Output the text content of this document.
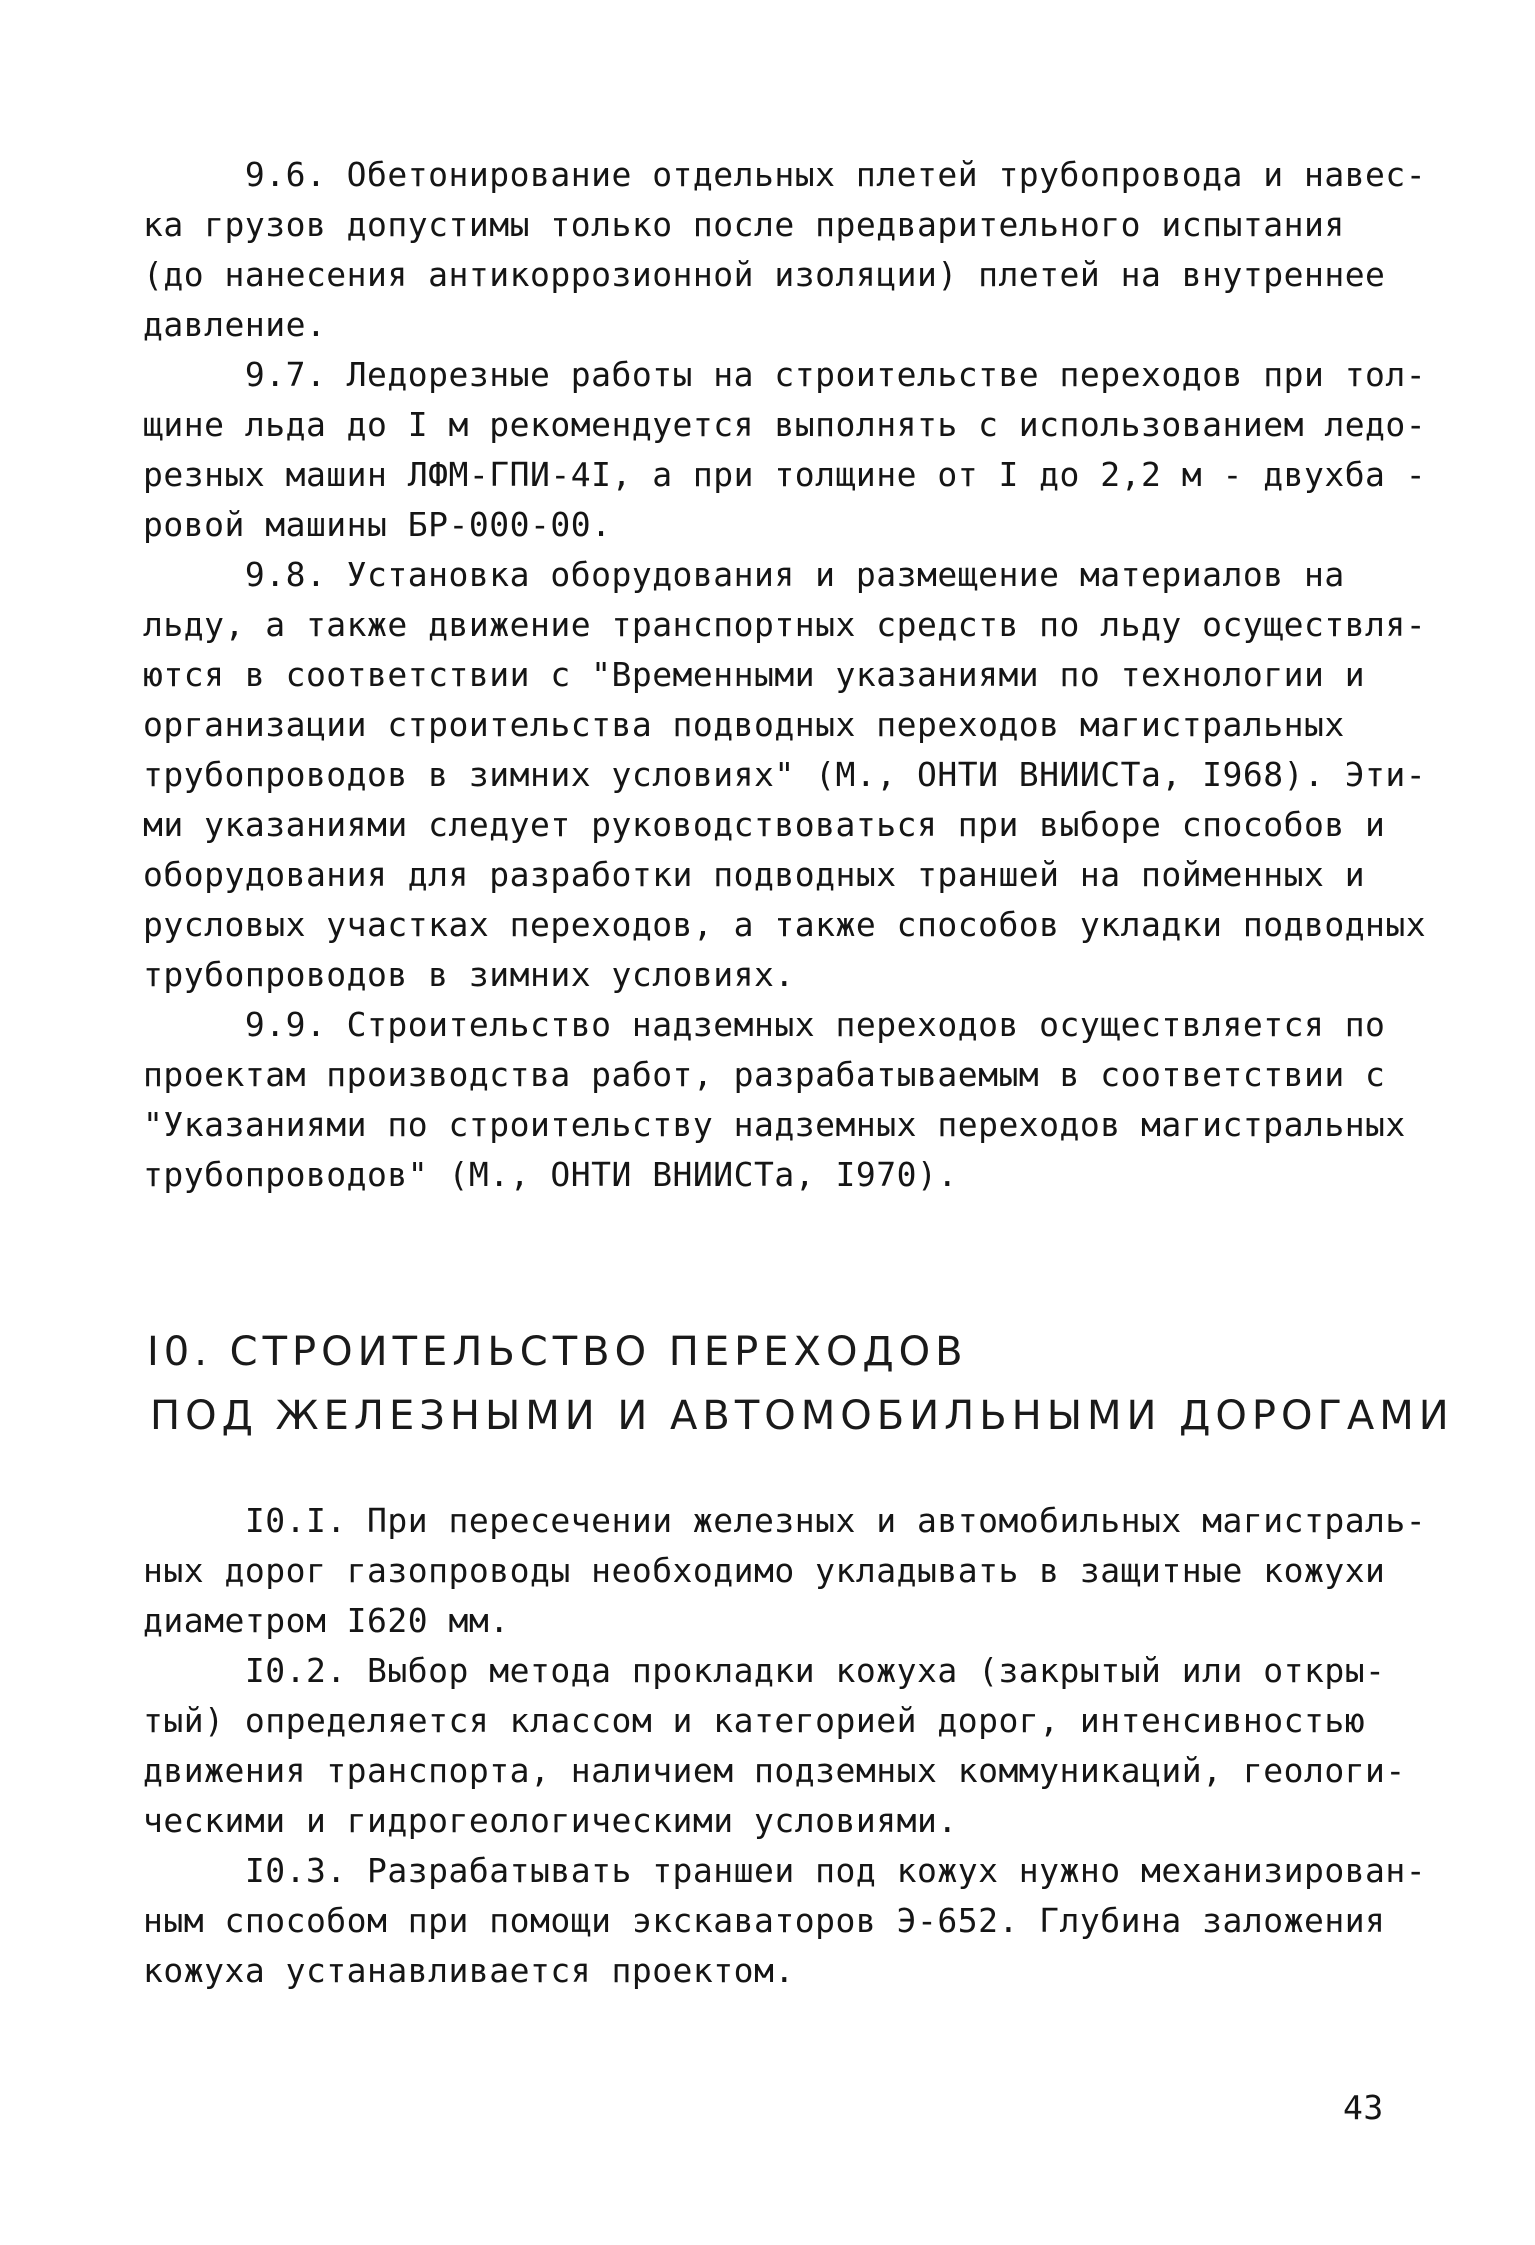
9.6. Обетонирование отдельных плетей трубопровода и навес-
ка грузов допустимы только после предварительного испытания
(до нанесения антикоррозионной изоляции) плетей на внутреннее
давление.
9.7. Ледорезные работы на строительстве переходов при тол-
щине льда до I м рекомендуется выполнять с использованием ледо-
резных машин ЛФМ-ГПИ-4I, а при толщине от I до 2,2 м - двухба -
ровой машины БР-000-00.
9.8. Установка оборудования и размещение материалов на
льду, а также движение транспортных средств по льду осуществля-
ются в соответствии с "Временными указаниями по технологии и
организации строительства подводных переходов магистральных
трубопроводов в зимних условиях" (М., ОНТИ ВНИИСТа, I968). Эти-
ми указаниями следует руководствоваться при выборе способов и
оборудования для разработки подводных траншей на пойменных и
русловых участках переходов, а также способов укладки подводных
трубопроводов в зимних условиях.
9.9. Строительство надземных переходов осуществляется по
проектам производства работ, разрабатываемым в соответствии с
"Указаниями по строительству надземных переходов магистральных
трубопроводов" (М., ОНТИ ВНИИСТа, I970).
I0. СТРОИТЕЛЬСТВО ПЕРЕХОДОВ
ПОД ЖЕЛЕЗНЫМИ И АВТОМОБИЛЬНЫМИ ДОРОГАМИ
I0.I. При пересечении железных и автомобильных магистраль-
ных дорог газопроводы необходимо укладывать в защитные кожухи
диаметром I620 мм.
I0.2. Выбор метода прокладки кожуха (закрытый или откры-
тый) определяется классом и категорией дорог, интенсивностью
движения транспорта, наличием подземных коммуникаций, геологи-
ческими и гидрогеологическими условиями.
I0.3. Разрабатывать траншеи под кожух нужно механизирован-
ным способом при помощи экскаваторов Э-652. Глубина заложения
кожуха устанавливается проектом.
43
